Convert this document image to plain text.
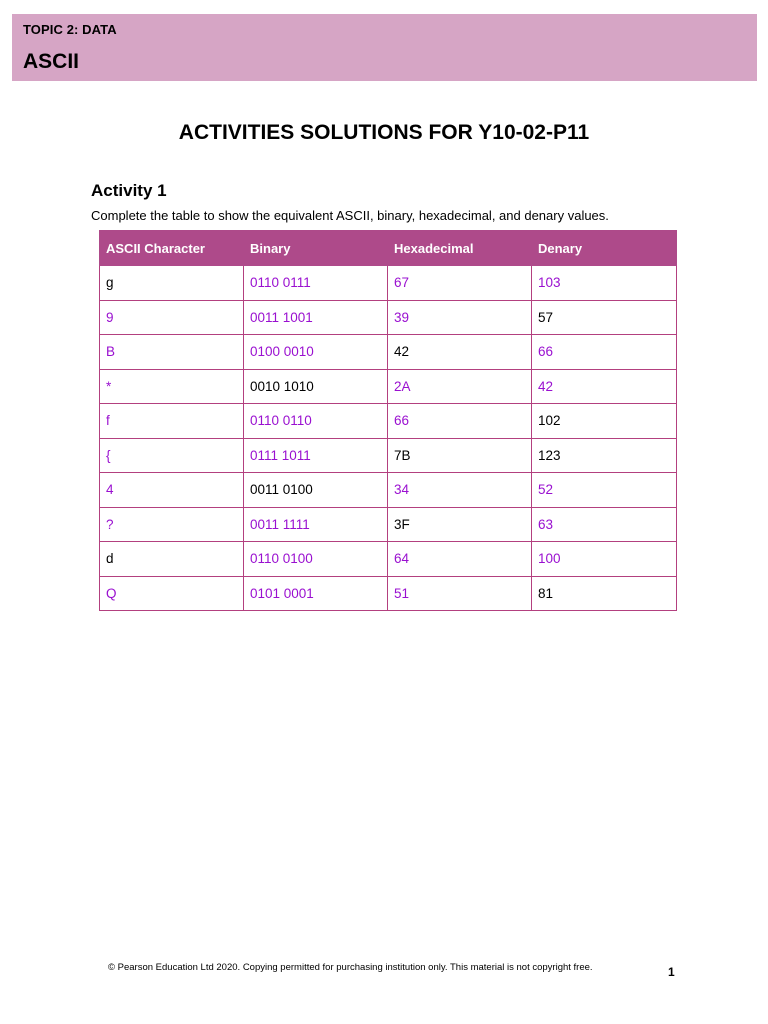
TOPIC 2: DATA
ASCII
ACTIVITIES SOLUTIONS FOR Y10-02-P11
Activity 1
Complete the table to show the equivalent ASCII, binary, hexadecimal, and denary values.
ASCII Character	Binary	Hexadecimal	Denary
g	0110 0111	67	103
9	0011 1001	39	57
B	0100 0010	42	66
*	0010 1010	2A	42
f	0110 0110	66	102
{	0111 1011	7B	123
4	0011 0100	34	52
?	0011 1111	3F	63
d	0110 0100	64	100
Q	0101 0001	51	81
© Pearson Education Ltd 2020. Copying permitted for purchasing institution only. This material is not copyright free.	1
